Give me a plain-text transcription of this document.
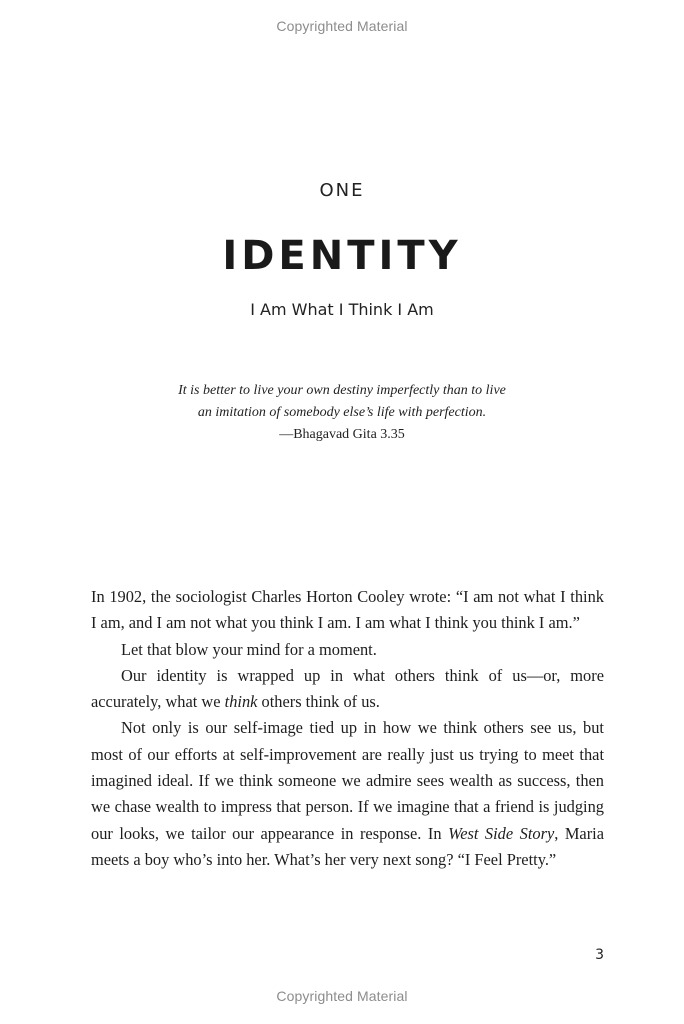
Copyrighted Material
ONE
IDENTITY
I Am What I Think I Am
It is better to live your own destiny imperfectly than to live
an imitation of somebody else’s life with perfection.
—Bhagavad Gita 3.35

In 1902, the sociologist Charles Horton Cooley wrote: “I am not what I think I am, and I am not what you think I am. I am what I think you think I am.”

Let that blow your mind for a moment.

Our identity is wrapped up in what others think of us—or, more accurately, what we think others think of us.

Not only is our self-image tied up in how we think others see us, but most of our efforts at self-improvement are really just us trying to meet that imagined ideal. If we think someone we admire sees wealth as success, then we chase wealth to impress that person. If we imagine that a friend is judging our looks, we tailor our appearance in response. In West Side Story, Maria meets a boy who’s into her. What’s her very next song? “I Feel Pretty.”

3
Copyrighted Material
